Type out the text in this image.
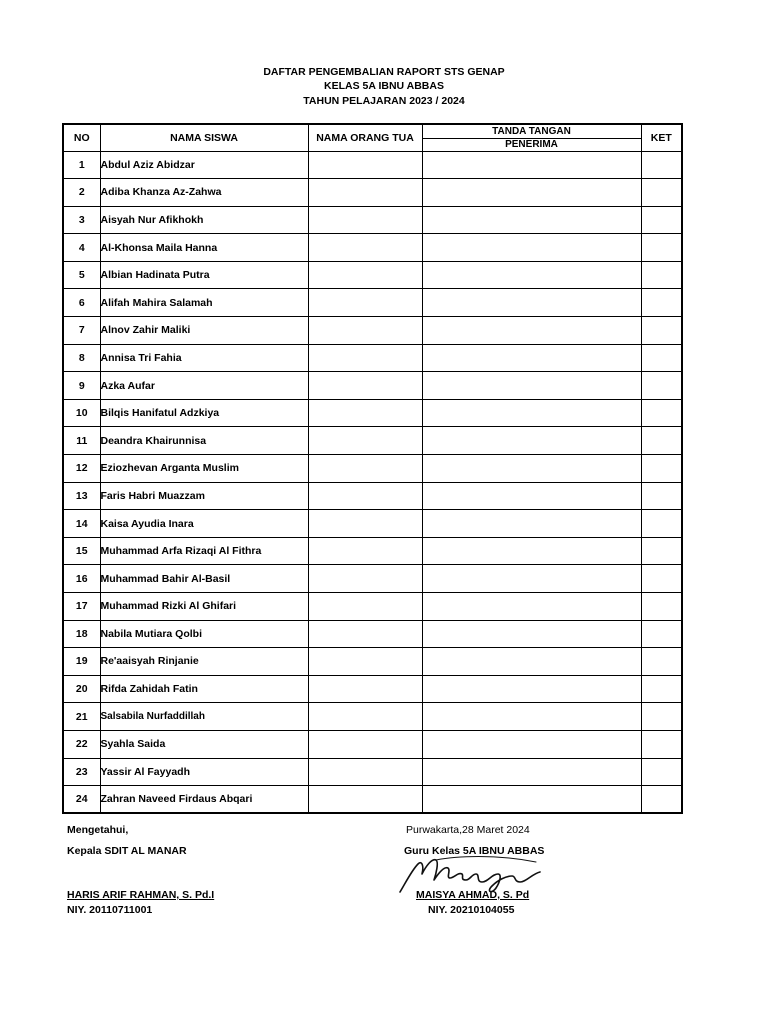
DAFTAR PENGEMBALIAN RAPORT STS GENAP
KELAS 5A IBNU ABBAS
TAHUN PELAJARAN 2023 / 2024
NO	NAMA SISWA	NAMA ORANG TUA	TANDA TANGAN	KET
			PENERIMA	
1	Abdul Aziz Abidzar			
2	Adiba Khanza Az-Zahwa			
3	Aisyah Nur Afikhokh			
4	Al-Khonsa Maila Hanna			
5	Albian Hadinata Putra			
6	Alifah Mahira Salamah			
7	Alnov Zahir Maliki			
8	Annisa Tri Fahia			
9	Azka Aufar			
10	Bilqis Hanifatul Adzkiya			
11	Deandra Khairunnisa			
12	Eziozhevan Arganta Muslim			
13	Faris Habri Muazzam			
14	Kaisa Ayudia Inara			
15	Muhammad Arfa Rizaqi Al Fithra			
16	Muhammad Bahir Al-Basil			
17	Muhammad Rizki Al Ghifari			
18	Nabila Mutiara Qolbi			
19	Re'aaisyah Rinjanie			
20	Rifda Zahidah Fatin			
21	Salsabila Nurfaddillah			
22	Syahla Saida			
23	Yassir Al Fayyadh			
24	Zahran Naveed Firdaus Abqari			
Mengetahui,
Kepala SDIT AL MANAR
HARIS ARIF RAHMAN, S. Pd.I
NIY. 20110711001
Purwakarta,28 Maret 2024
Guru Kelas 5A IBNU ABBAS
MAISYA AHMAD, S. Pd
NIY. 20210104055
